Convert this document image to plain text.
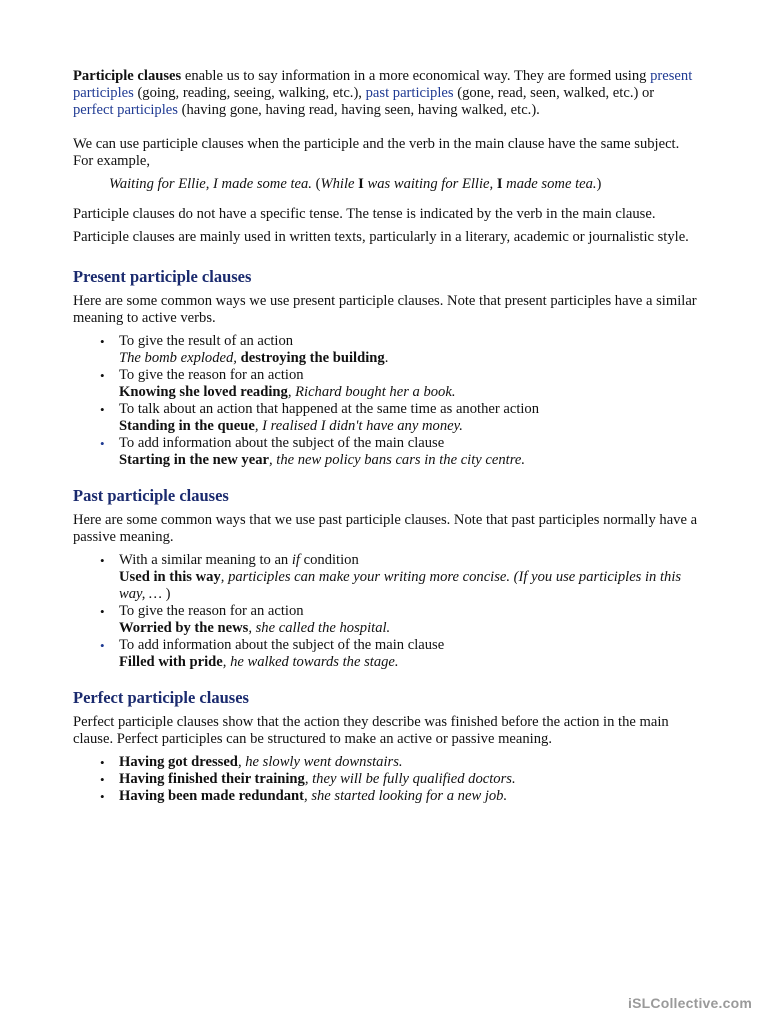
Participle clauses enable us to say information in a more economical way. They are formed using present participles (going, reading, seeing, walking, etc.), past participles (gone, read, seen, walked, etc.) or perfect participles (having gone, having read, having seen, having walked, etc.).

We can use participle clauses when the participle and the verb in the main clause have the same subject. For example,

Waiting for Ellie, I made some tea. (While I was waiting for Ellie, I made some tea.)

Participle clauses do not have a specific tense. The tense is indicated by the verb in the main clause.

Participle clauses are mainly used in written texts, particularly in a literary, academic or journalistic style.

Present participle clauses

Here are some common ways we use present participle clauses. Note that present participles have a similar meaning to active verbs.

• To give the result of an action
The bomb exploded, destroying the building.
• To give the reason for an action
Knowing she loved reading, Richard bought her a book.
• To talk about an action that happened at the same time as another action
Standing in the queue, I realised I didn't have any money.
• To add information about the subject of the main clause
Starting in the new year, the new policy bans cars in the city centre.
Past participle clauses

Here are some common ways that we use past participle clauses. Note that past participles normally have a passive meaning.

• With a similar meaning to an if condition
Used in this way, participles can make your writing more concise. (If you use participles in this way, … )
• To give the reason for an action
Worried by the news, she called the hospital.
• To add information about the subject of the main clause
Filled with pride, he walked towards the stage.
Perfect participle clauses

Perfect participle clauses show that the action they describe was finished before the action in the main clause. Perfect participles can be structured to make an active or passive meaning.

• Having got dressed, he slowly went downstairs.
• Having finished their training, they will be fully qualified doctors.
• Having been made redundant, she started looking for a new job.
iSLCollective.com
